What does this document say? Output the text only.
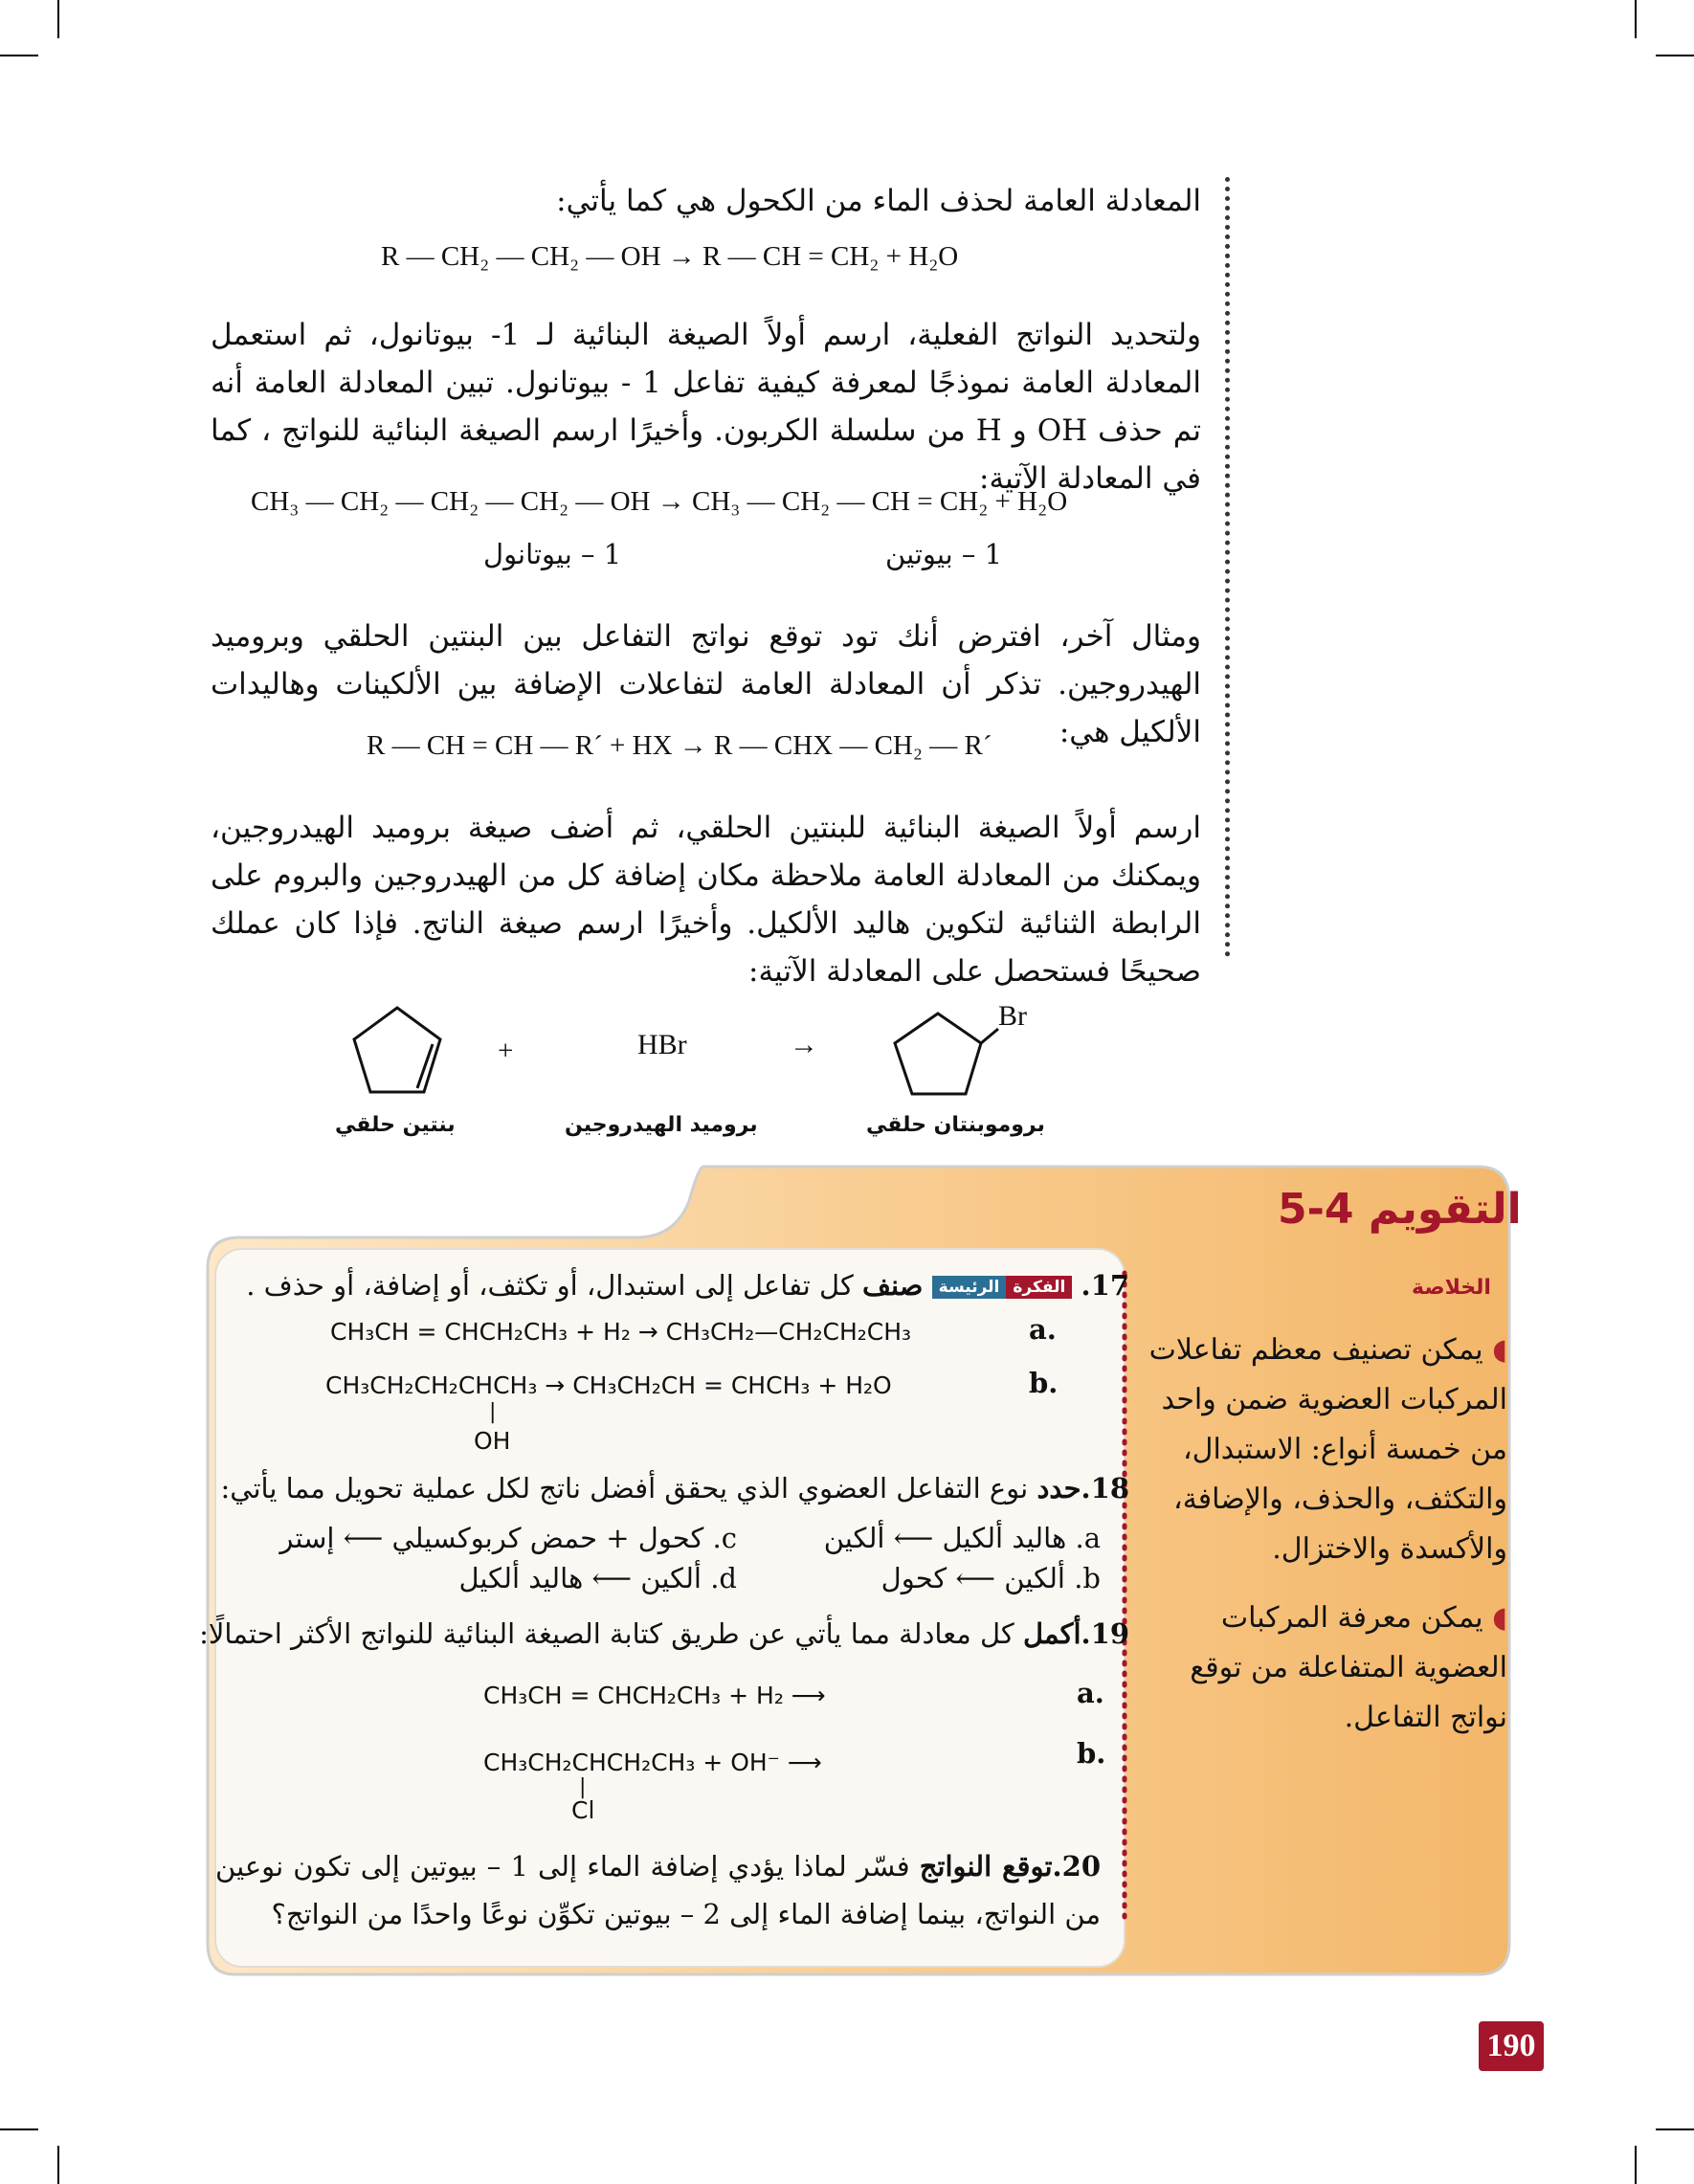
المعادلة العامة لحذف الماء من الكحول هي كما يأتي:

R — CH₂ — CH₂ — OH → R — CH = CH₂ + H₂O

ولتحديد النواتج الفعلية، ارسم أولاً الصيغة البنائية لـ 1- بيوتانول، ثم استعمل المعادلة العامة نموذجًا لمعرفة كيفية تفاعل 1 - بيوتانول. تبين المعادلة العامة أنه تم حذف OH و H من سلسلة الكربون. وأخيرًا ارسم الصيغة البنائية للنواتج ، كما في المعادلة الآتية:

CH₃ — CH₂ — CH₂ — CH₂ — OH → CH₃ — CH₂ — CH = CH₂ + H₂O
1 – بيوتانول	1 – بيوتين

ومثال آخر، افترض أنك تود توقع نواتج التفاعل بين البنتين الحلقي وبروميد الهيدروجين. تذكر أن المعادلة العامة لتفاعلات الإضافة بين الألكينات وهاليدات الألكيل هي:

R — CH = CH — R´ + HX → R — CHX — CH₂ — R´

ارسم أولاً الصيغة البنائية للبنتين الحلقي، ثم أضف صيغة بروميد الهيدروجين، ويمكنك من المعادلة العامة ملاحظة مكان إضافة كل من الهيدروجين والبروم على الرابطة الثنائية لتكوين هاليد الألكيل. وأخيرًا ارسم صيغة الناتج. فإذا كان عملك صحيحًا فستحصل على المعادلة الآتية:

+	HBr	→
Br
بنتين حلقي	بروميد الهيدروجين	بروموبنتان حلقي
التقويم 4-5
الخلاصة
◖ يمكن تصنيف معظم تفاعلات المركبات العضوية ضمن واحد من خمسة أنواع: الاستبدال، والتكثف، والحذف، والإضافة، والأكسدة والاختزال.
◖ يمكن معرفة المركبات العضوية المتفاعلة من توقع نواتج التفاعل.
17. الفكرةالرئيسة صنف كل تفاعل إلى استبدال، أو تكثف، أو إضافة، أو حذف .
CH₃CH = CHCH₂CH₃ + H₂ → CH₃CH₂—CH₂CH₂CH₃	.a
CH₃CH₂CH₂CHCH₃ → CH₃CH₂CH = CHCH₃ + H₂O
|
OH
.b
18.حدد نوع التفاعل العضوي الذي يحقق أفضل ناتج لكل عملية تحويل مما يأتي:
a. هاليد ألكيل ⟵ ألكين
c. كحول + حمض كربوكسيلي ⟵ إستر
b. ألكين ⟵ كحول
d. ألكين ⟵ هاليد ألكيل
19.أكمل كل معادلة مما يأتي عن طريق كتابة الصيغة البنائية للنواتج الأكثر احتمالًا:
CH₃CH = CHCH₂CH₃ + H₂ ⟶	.a
CH₃CH₂CHCH₂CH₃ + OH⁻ ⟶
|
Cl
.b
20.توقع النواتج فسّر لماذا يؤدي إضافة الماء إلى 1 – بيوتين إلى تكون نوعين من النواتج، بينما إضافة الماء إلى 2 – بيوتين تكوِّن نوعًا واحدًا من النواتج؟
190
